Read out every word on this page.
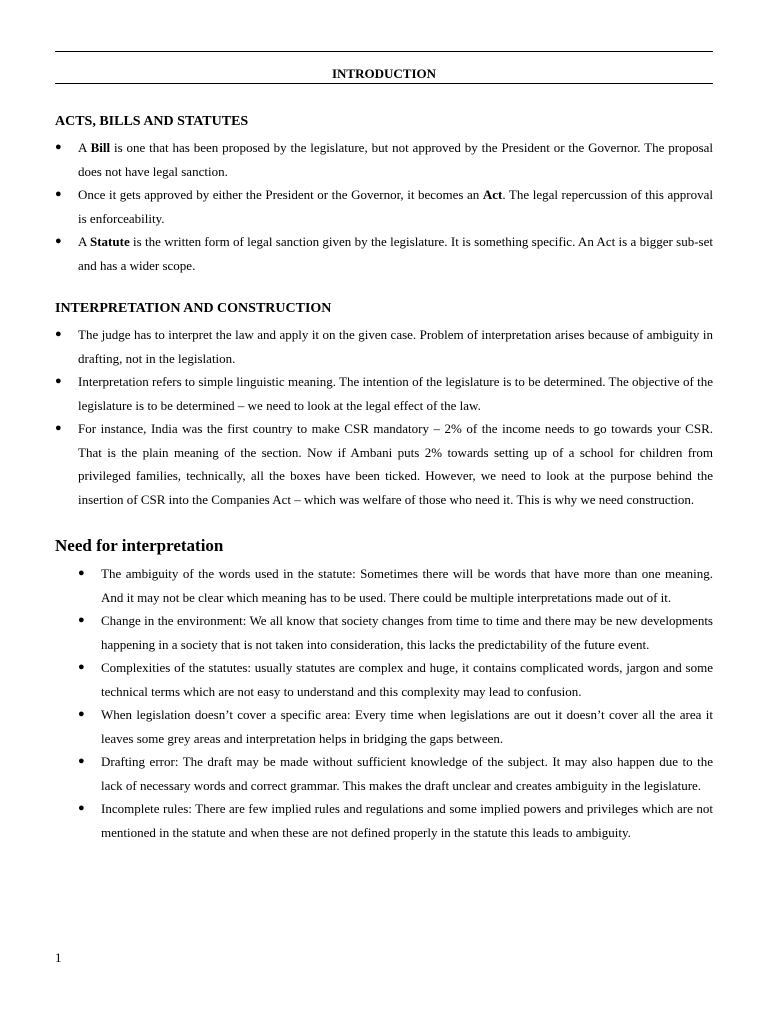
INTRODUCTION
ACTS, BILLS AND STATUTES
● A Bill is one that has been proposed by the legislature, but not approved by the President or the Governor. The proposal does not have legal sanction.
● Once it gets approved by either the President or the Governor, it becomes an Act. The legal repercussion of this approval is enforceability.
● A Statute is the written form of legal sanction given by the legislature. It is something specific. An Act is a bigger sub-set and has a wider scope.
INTERPRETATION AND CONSTRUCTION
● The judge has to interpret the law and apply it on the given case. Problem of interpretation arises because of ambiguity in drafting, not in the legislation.
● Interpretation refers to simple linguistic meaning. The intention of the legislature is to be determined. The objective of the legislature is to be determined – we need to look at the legal effect of the law.
● For instance, India was the first country to make CSR mandatory – 2% of the income needs to go towards your CSR. That is the plain meaning of the section. Now if Ambani puts 2% towards setting up of a school for children from privileged families, technically, all the boxes have been ticked. However, we need to look at the purpose behind the insertion of CSR into the Companies Act – which was welfare of those who need it. This is why we need construction.
Need for interpretation
● The ambiguity of the words used in the statute: Sometimes there will be words that have more than one meaning. And it may not be clear which meaning has to be used. There could be multiple interpretations made out of it.
● Change in the environment: We all know that society changes from time to time and there may be new developments happening in a society that is not taken into consideration, this lacks the predictability of the future event.
● Complexities of the statutes: usually statutes are complex and huge, it contains complicated words, jargon and some technical terms which are not easy to understand and this complexity may lead to confusion.
● When legislation doesn’t cover a specific area: Every time when legislations are out it doesn’t cover all the area it leaves some grey areas and interpretation helps in bridging the gaps between.
● Drafting error: The draft may be made without sufficient knowledge of the subject. It may also happen due to the lack of necessary words and correct grammar. This makes the draft unclear and creates ambiguity in the legislature.
● Incomplete rules: There are few implied rules and regulations and some implied powers and privileges which are not mentioned in the statute and when these are not defined properly in the statute this leads to ambiguity.
1
